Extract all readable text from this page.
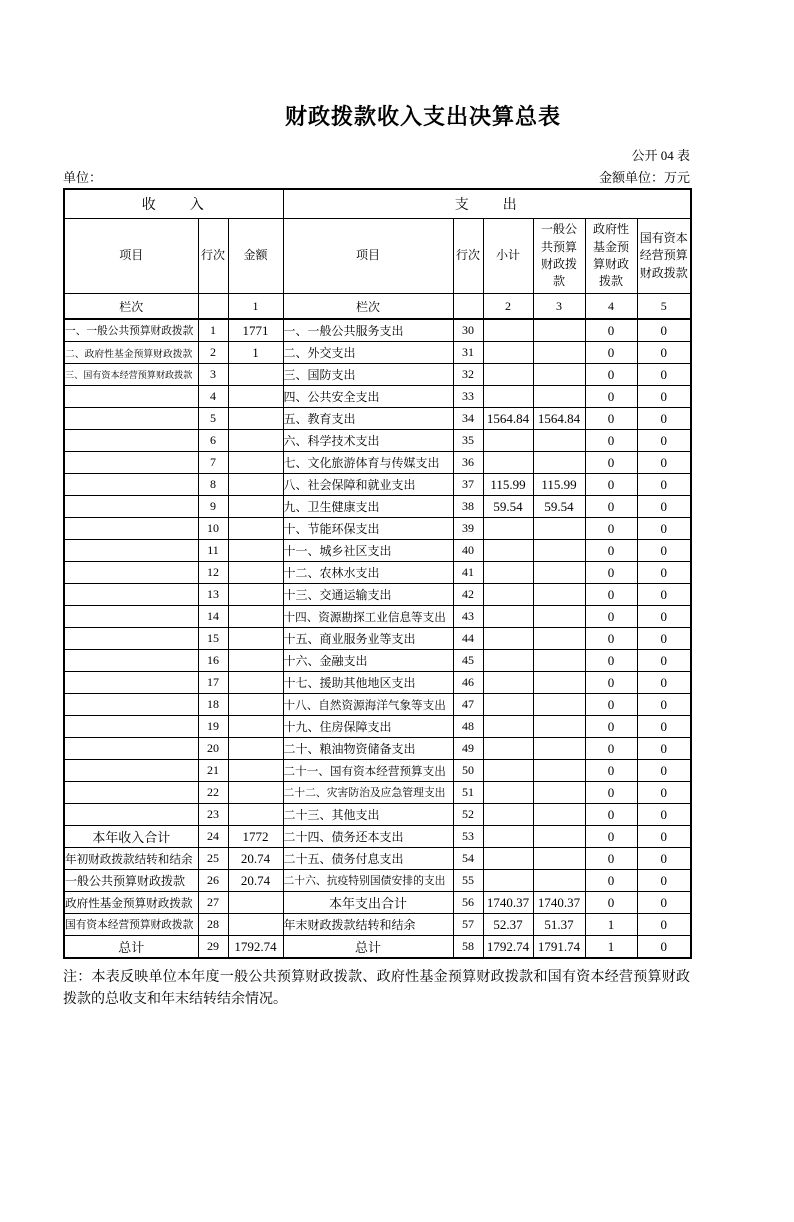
财政拨款收入支出决算总表
公开 04 表
单位：	金额单位：万元
收　　入			支　　出					
项目	行次	金额	项目	行次	小计	一般公共预算财政拨款	政府性基金预算财政拨款	国有资本经营预算财政拨款
栏次		1	栏次		2	3	4	5
一、一般公共预算财政拨款	1	1771	一、一般公共服务支出	30			0	0
二、政府性基金预算财政拨款	2	1	二、外交支出	31			0	0
三、国有资本经营预算财政拨款	3		三、国防支出	32			0	0
	4		四、公共安全支出	33			0	0
	5		五、教育支出	34	1564.84	1564.84	0	0
	6		六、科学技术支出	35			0	0
	7		七、文化旅游体育与传媒支出	36			0	0
	8		八、社会保障和就业支出	37	115.99	115.99	0	0
	9		九、卫生健康支出	38	59.54	59.54	0	0
	10		十、节能环保支出	39			0	0
	11		十一、城乡社区支出	40			0	0
	12		十二、农林水支出	41			0	0
	13		十三、交通运输支出	42			0	0
	14		十四、资源勘探工业信息等支出	43			0	0
	15		十五、商业服务业等支出	44			0	0
	16		十六、金融支出	45			0	0
	17		十七、援助其他地区支出	46			0	0
	18		十八、自然资源海洋气象等支出	47			0	0
	19		十九、住房保障支出	48			0	0
	20		二十、粮油物资储备支出	49			0	0
	21		二十一、国有资本经营预算支出	50			0	0
	22		二十二、灾害防治及应急管理支出	51			0	0
	23		二十三、其他支出	52			0	0
本年收入合计	24	1772	二十四、债务还本支出	53			0	0
年初财政拨款结转和结余	25	20.74	二十五、债务付息支出	54			0	0
一般公共预算财政拨款	26	20.74	二十六、抗疫特别国债安排的支出	55			0	0
政府性基金预算财政拨款	27		本年支出合计	56	1740.37	1740.37	0	0
国有资本经营预算财政拨款	28		年末财政拨款结转和结余	57	52.37	51.37	1	0
总计	29	1792.74	总计	58	1792.74	1791.74	1	0

注：本表反映单位本年度一般公共预算财政拨款、政府性基金预算财政拨款和国有资本经营预算财政拨款的总收支和年末结转结余情况。
